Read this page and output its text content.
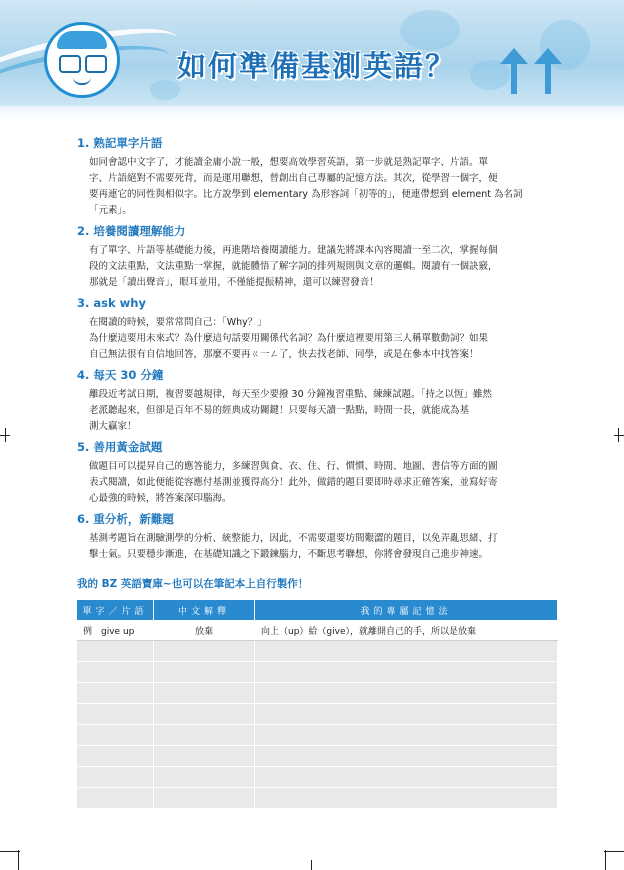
如何準備基測英語？
1. 熟記單字片語

如同會認中文字了，才能讀金庸小說一般，想要高效學習英語，第一步就是熟記單字、片語。單

字、片語絕對不需要死背，而是運用聯想，替創出自己專屬的記憶方法。其次，從學習一個字，便

要再連它的同性與相似字。比方說學到 elementary 為形容詞「初等的」，便連帶想到 element 為名詞

「元素」。

2. 培養閱讀理解能力

有了單字、片語等基礎能力後，再進階培養閱讀能力。建議先將課本內容閱讀一至二次，掌握每個

段的文法重點，文法重點一掌握，就能體悟了解字詞的排列規則與文章的邏輯。閱讀有一個訣竅，

那就是「讀出聲音」，眼耳並用，不僅能提振精神，還可以練習發音！

3. ask why

在閱讀的時候，要常常問自己：「Why？」

為什麼這要用未來式？為什麼這句話要用關係代名詞？為什麼這裡要用第三人稱單數動詞？如果

自己無法很有自信地回答，那麼不要再ㄍ一ㄥ了，快去找老師、同學，或是在參本中找答案！

4. 每天 30 分鐘

離段近考試日期，複習要越規律，每天至少要撥 30 分鐘複習重點、練練試題。「持之以恆」雖然

老派聽起來，但卻是百年不易的經典成功關鍵！只要每天讀一點點，時間一長，就能成為基

測大贏家！

5. 善用黃金試題

做題目可以提昇自己的應答能力，多練習與食、衣、住、行、慣慣、時間、地圖、書信等方面的圖

表式閱讀，如此便能從容應付基測並獲得高分！此外，做錯的題目要即時尋求正確答案，並寫好寄

心最強的時候，將答案深印腦海。

6. 重分析，新難題

基測考題旨在測驗測學的分析、統整能力，因此，不需要還要坊間艱澀的題目，以免弄亂思緒、打

擊士氣。只要穩步漸進，在基礎知識之下鍛鍊腦力，不斷思考聯想，你將會發現自己進步神速。

我的 BZ 英語寶庫∼也可以在筆記本上自行製作！
單字／片語	中文解釋	我的專屬記憶法
例 give up	放棄	向上（up）給（give），就離開自己的手，所以是放棄
